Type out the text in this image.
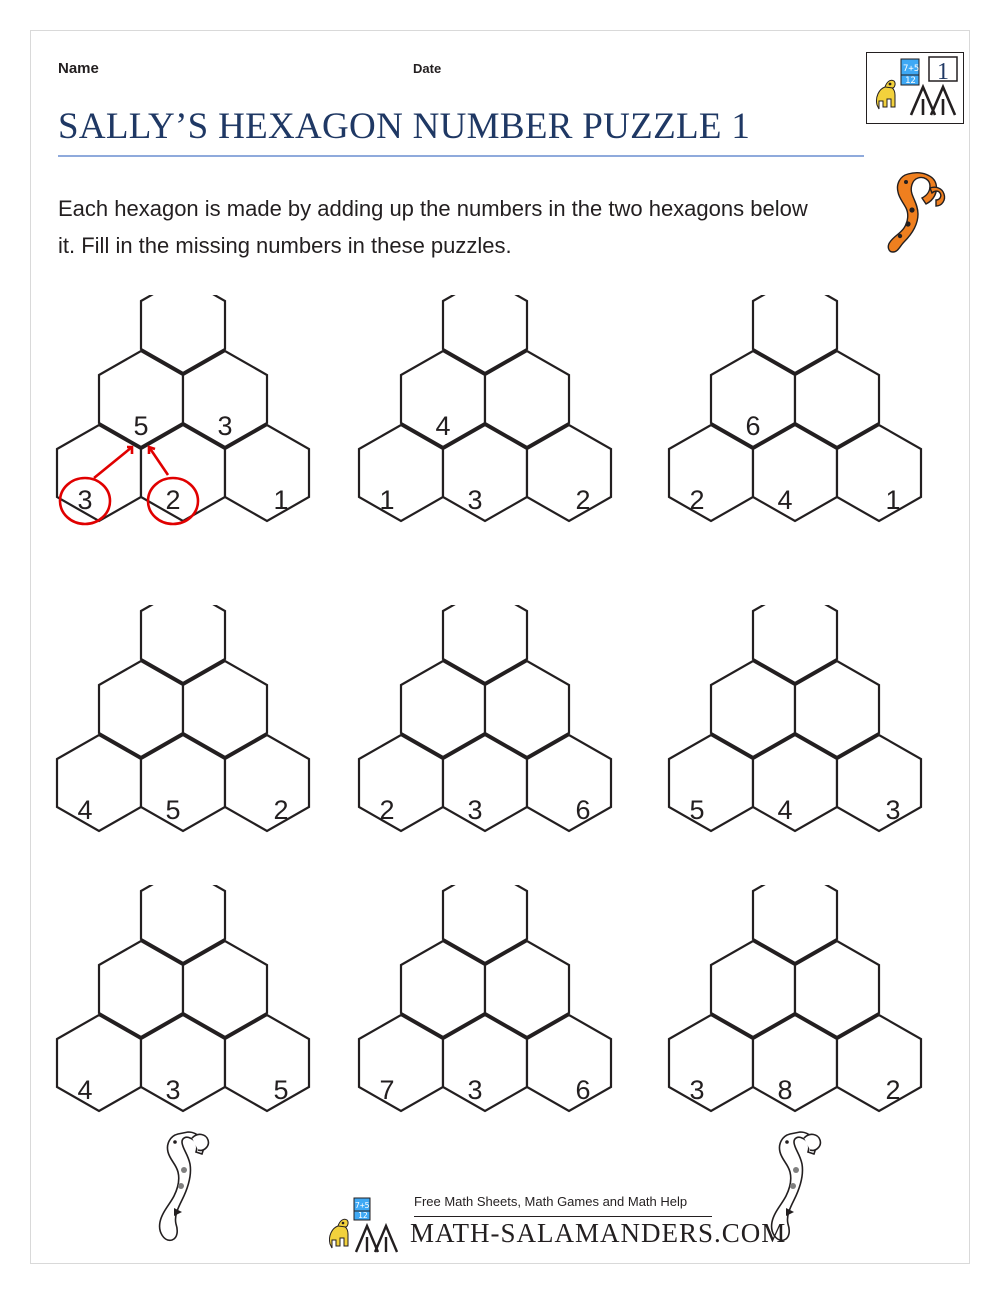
Name	Date
SALLY’S HEXAGON NUMBER PUZZLE 1
Each hexagon is made by adding up the numbers in the two hexagons below it. Fill in the missing numbers in these puzzles.
7+5
12 1
5	3
3	2	1
4
1	3	2
6
2	4	1
4	5	2	2	3	6	5	4	3
4	3	5	7	3	6	3	8	2
7+5
12
Free Math Sheets, Math Games and Math Help
MATH-SALAMANDERS.COM
